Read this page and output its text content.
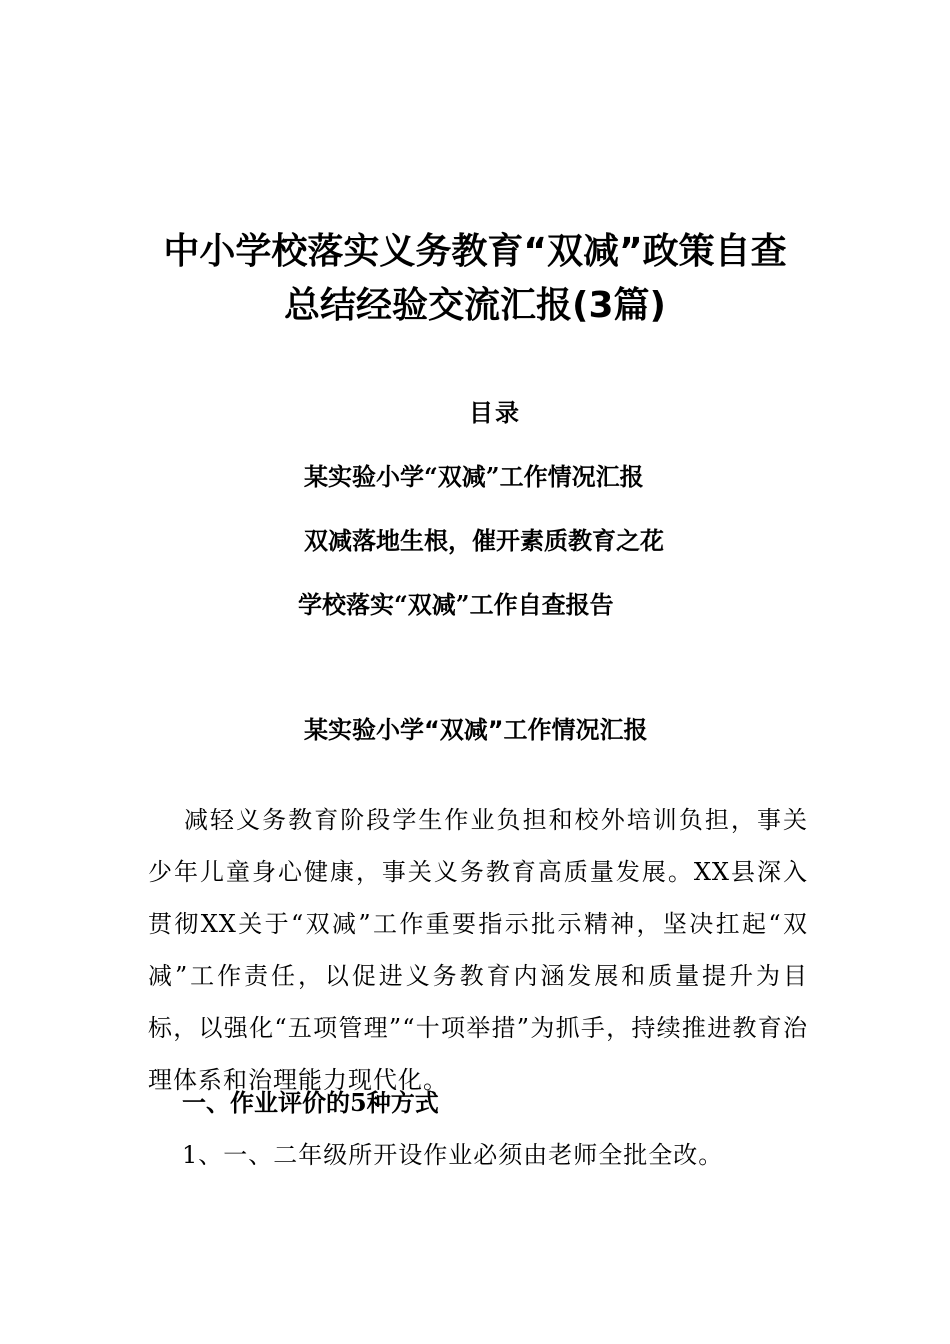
中小学校落实义务教育“双减”政策自查
总结经验交流汇报(3篇)
目录
某实验小学“双减”工作情况汇报
双减落地生根，催开素质教育之花
学校落实“双减”工作自查报告
某实验小学“双减”工作情况汇报

减轻义务教育阶段学生作业负担和校外培训负担，事关少年儿童身心健康，事关义务教育高质量发展。XX县深入贯彻XX关于“双减”工作重要指示批示精神，坚决扛起“双减”工作责任，以促进义务教育内涵发展和质量提升为目标，以强化“五项管理”“十项举措”为抓手，持续推进教育治理体系和治理能力现代化。

一、作业评价的5种方式
1、一、二年级所开设作业必须由老师全批全改。
